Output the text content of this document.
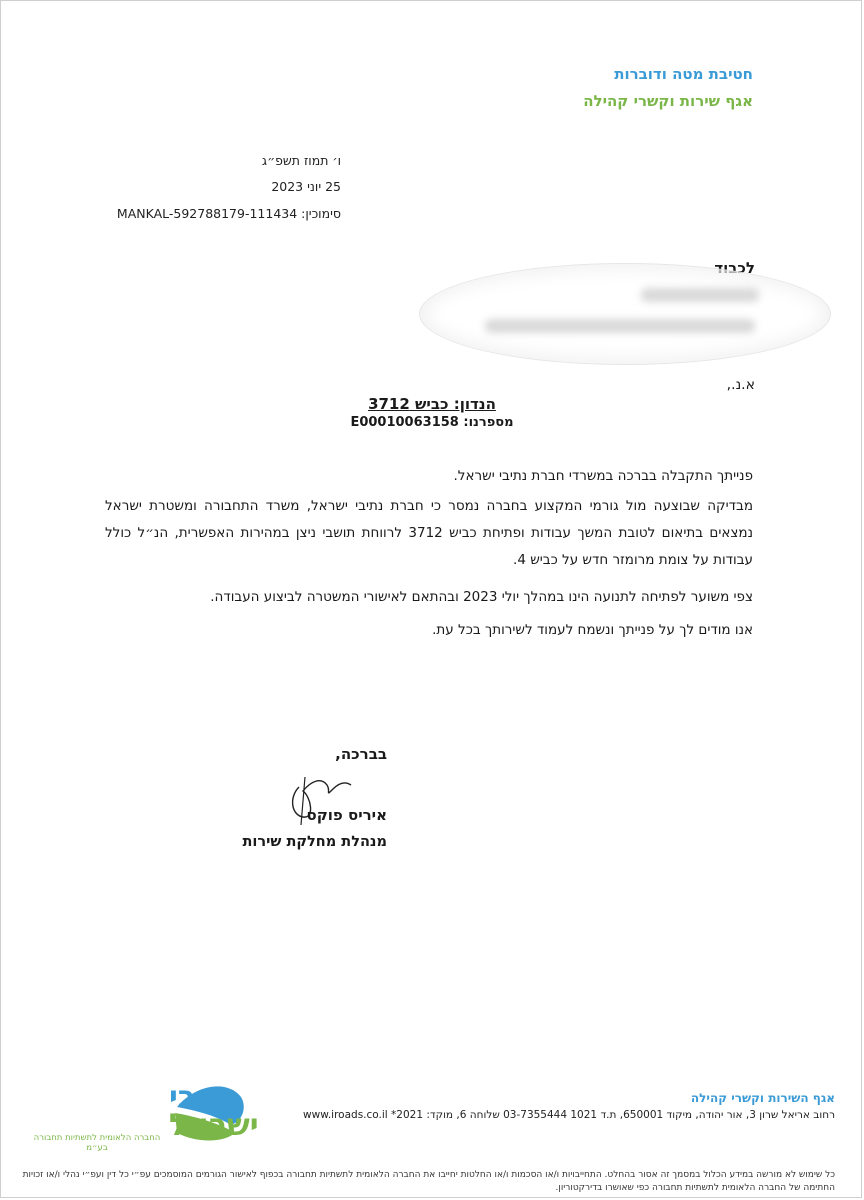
חטיבת מטה ודוברות
אגף שירות וקשרי קהילה
ו׳ תמוז תשפ״ג
25 יוני 2023
סימוכין: MANKAL-592788179-111434
לכבוד
א.נ.,
הנדון: כביש 3712
מספרנו: E00010063158
פנייתך התקבלה בברכה במשרדי חברת נתיבי ישראל.
מבדיקה שבוצעה מול גורמי המקצוע בחברה נמסר כי חברת נתיבי ישראל, משרד התחבורה ומשטרת ישראל נמצאים בתיאום לטובת המשך עבודות ופתיחת כביש 3712 לרווחת תושבי ניצן במהירות האפשרית, הנ״ל כולל עבודות על צומת מרומזר חדש על כביש 4.
צפי משוער לפתיחה לתנועה הינו במהלך יולי 2023 ובהתאם לאישורי המשטרה לביצוע העבודה.
אנו מודים לך על פנייתך ונשמח לעמוד לשירותך בכל עת.
בברכה,
איריס פוקס
מנהלת מחלקת שירות
נתיבי
ישראל
החברה הלאומית לתשתיות תחבורה בע״מ
אגף השירות וקשרי קהילה
רחוב אריאל שרון 3, אור יהודה, מיקוד 650001, ת.ד 1021 03-7355444 שלוחה 6, מוקד: 2021* www.iroads.co.il
כל שימוש לא מורשה במידע הכלול במסמך זה אסור בהחלט. התחייבויות ו/או הסכמות ו/או החלטות יחייבו את החברה הלאומית לתשתיות תחבורה בכפוף לאישור הגורמים המוסמכים עפ״י כל דין ועפ״י נהלי ו/או זכויות החתימה של החברה הלאומית לתשתיות תחבורה כפי שאושרו בדירקטוריון.
